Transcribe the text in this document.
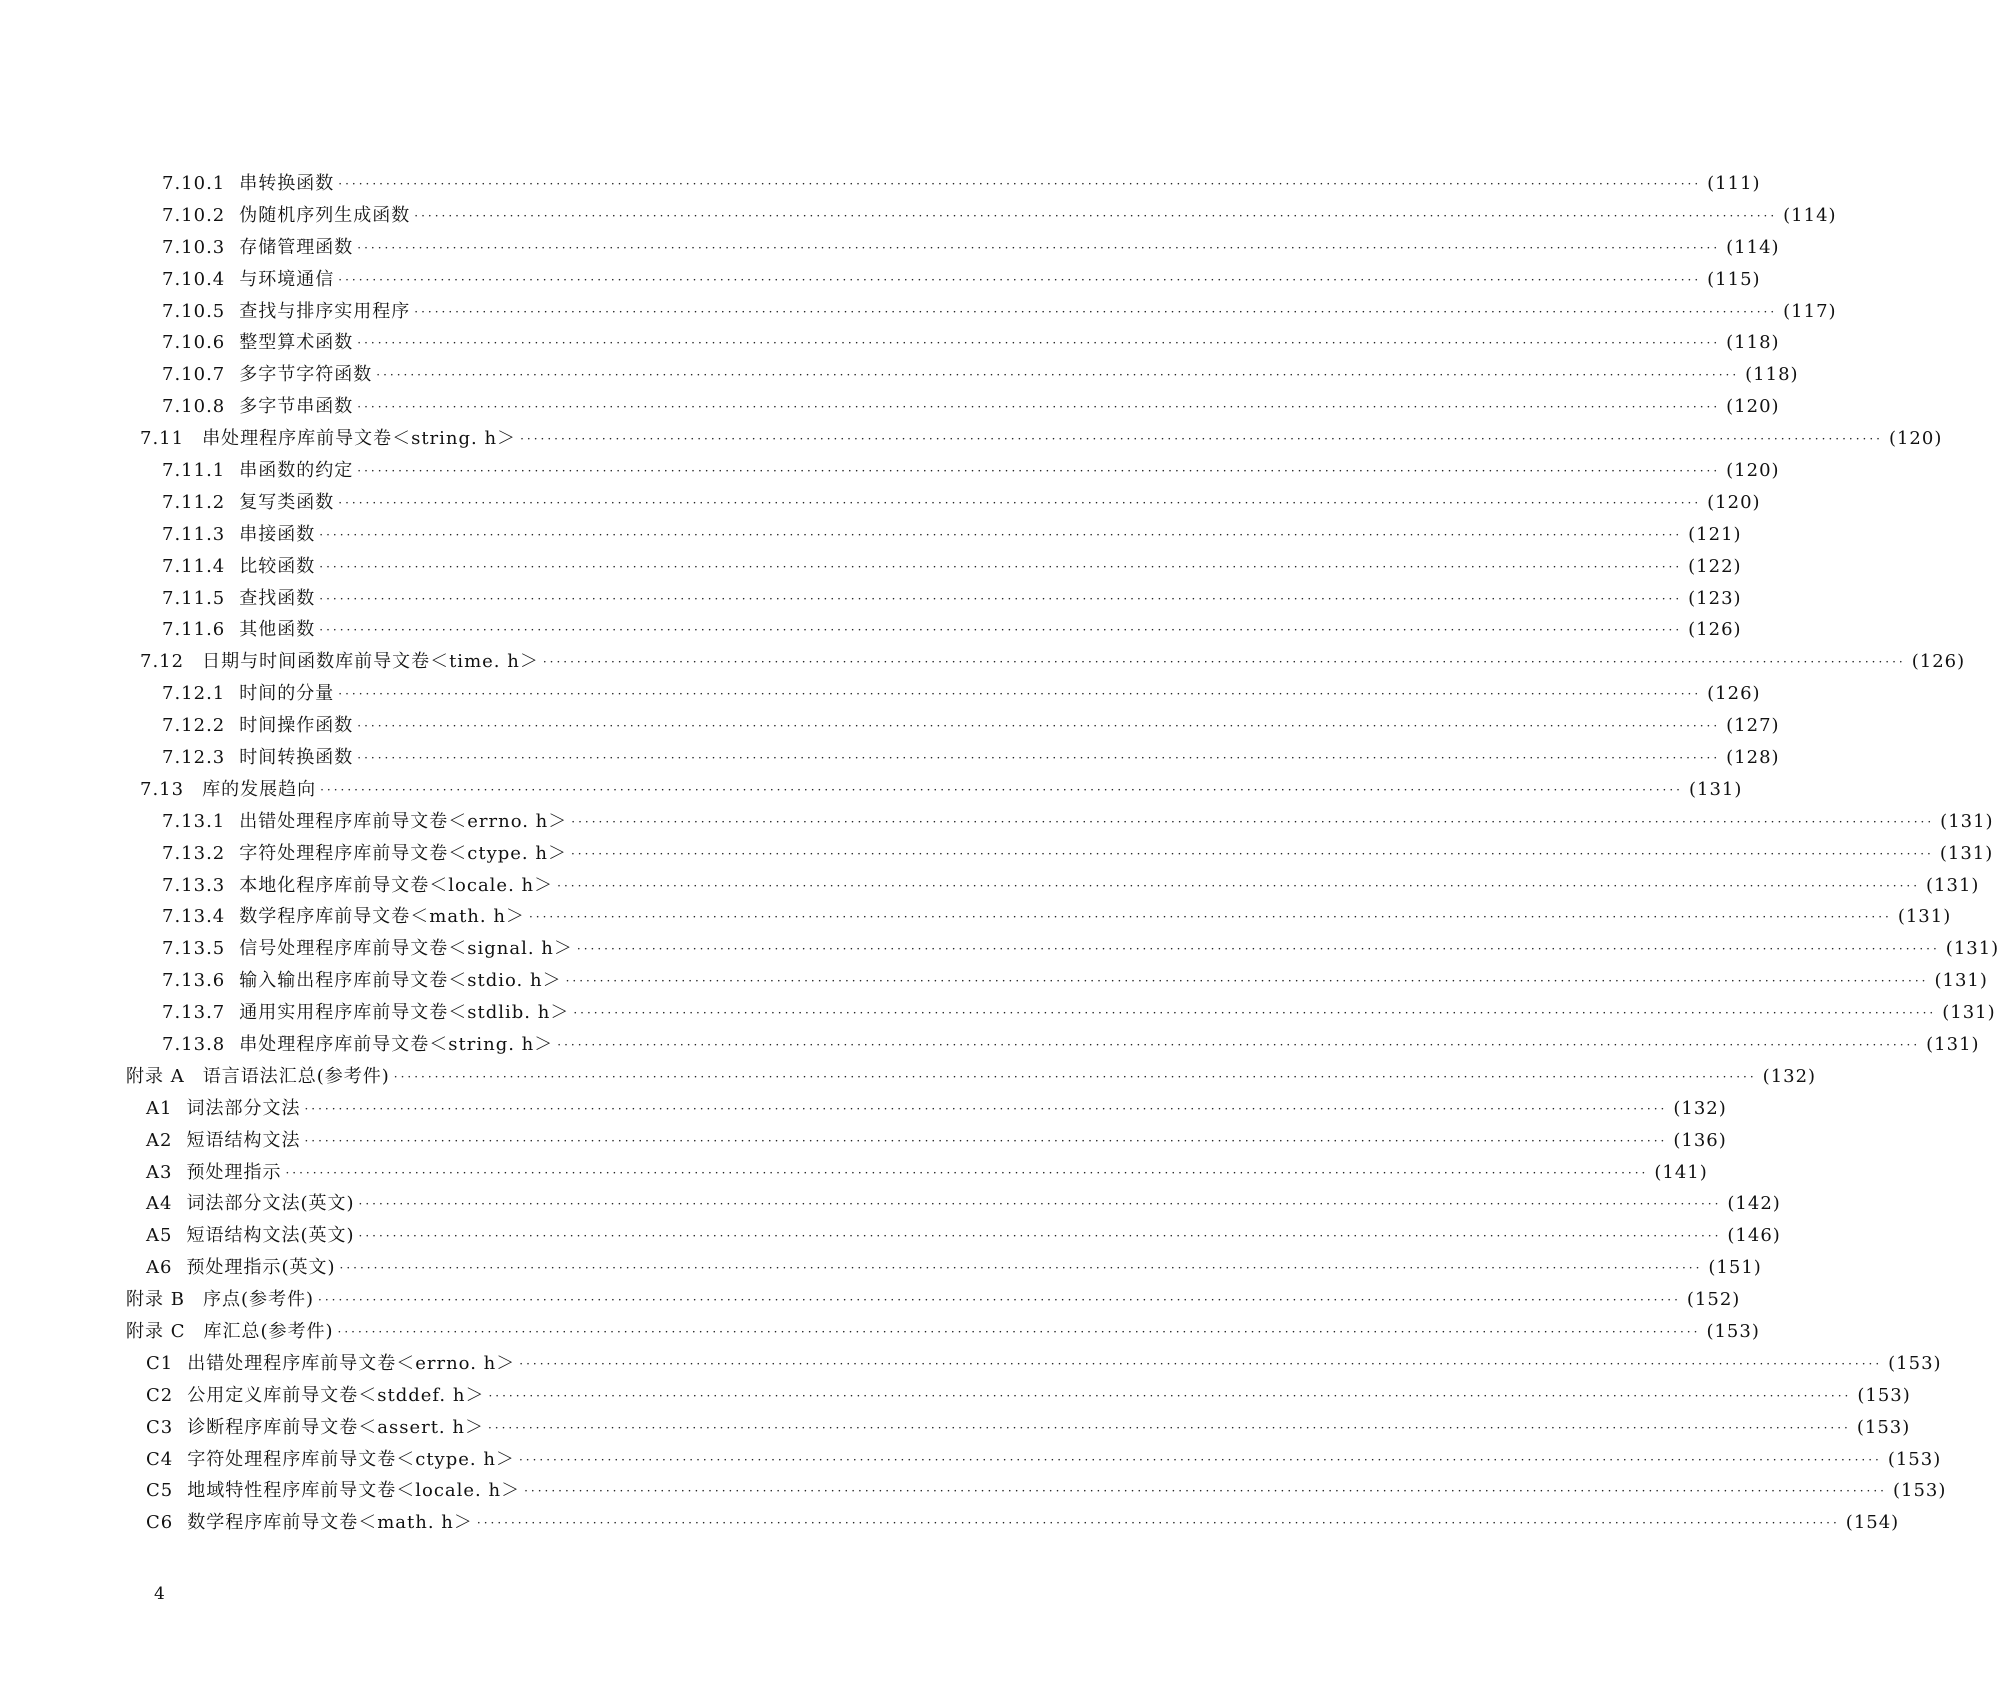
7.10.1 串转换函数 ········································································································································································································ (111)
7.10.2 伪随机序列生成函数 ········································································································································································································ (114)
7.10.3 存储管理函数 ········································································································································································································ (114)
7.10.4 与环境通信 ········································································································································································································ (115)
7.10.5 查找与排序实用程序 ········································································································································································································ (117)
7.10.6 整型算术函数 ········································································································································································································ (118)
7.10.7 多字节字符函数 ········································································································································································································ (118)
7.10.8 多字节串函数 ········································································································································································································ (120)
7.11 串处理程序库前导文卷＜string. h＞ ········································································································································································································ (120)
7.11.1 串函数的约定 ········································································································································································································ (120)
7.11.2 复写类函数 ········································································································································································································ (120)
7.11.3 串接函数 ········································································································································································································ (121)
7.11.4 比较函数 ········································································································································································································ (122)
7.11.5 查找函数 ········································································································································································································ (123)
7.11.6 其他函数 ········································································································································································································ (126)
7.12 日期与时间函数库前导文卷＜time. h＞ ········································································································································································································ (126)
7.12.1 时间的分量 ········································································································································································································ (126)
7.12.2 时间操作函数 ········································································································································································································ (127)
7.12.3 时间转换函数 ········································································································································································································ (128)
7.13 库的发展趋向 ········································································································································································································ (131)
7.13.1 出错处理程序库前导文卷＜errno. h＞ ········································································································································································································ (131)
7.13.2 字符处理程序库前导文卷＜ctype. h＞ ········································································································································································································ (131)
7.13.3 本地化程序库前导文卷＜locale. h＞ ········································································································································································································ (131)
7.13.4 数学程序库前导文卷＜math. h＞ ········································································································································································································ (131)
7.13.5 信号处理程序库前导文卷＜signal. h＞ ········································································································································································································ (131)
7.13.6 输入输出程序库前导文卷＜stdio. h＞ ········································································································································································································ (131)
7.13.7 通用实用程序库前导文卷＜stdlib. h＞ ········································································································································································································ (131)
7.13.8 串处理程序库前导文卷＜string. h＞ ········································································································································································································ (131)
附录 A 语言语法汇总(参考件) ········································································································································································································ (132)
A1 词法部分文法 ········································································································································································································ (132)
A2 短语结构文法 ········································································································································································································ (136)
A3 预处理指示 ········································································································································································································ (141)
A4 词法部分文法(英文) ········································································································································································································ (142)
A5 短语结构文法(英文) ········································································································································································································ (146)
A6 预处理指示(英文) ········································································································································································································ (151)
附录 B 序点(参考件) ········································································································································································································ (152)
附录 C 库汇总(参考件) ········································································································································································································ (153)
C1 出错处理程序库前导文卷＜errno. h＞ ········································································································································································································ (153)
C2 公用定义库前导文卷＜stddef. h＞ ········································································································································································································ (153)
C3 诊断程序库前导文卷＜assert. h＞ ········································································································································································································ (153)
C4 字符处理程序库前导文卷＜ctype. h＞ ········································································································································································································ (153)
C5 地域特性程序库前导文卷＜locale. h＞ ········································································································································································································ (153)
C6 数学程序库前导文卷＜math. h＞ ········································································································································································································ (154)
4
